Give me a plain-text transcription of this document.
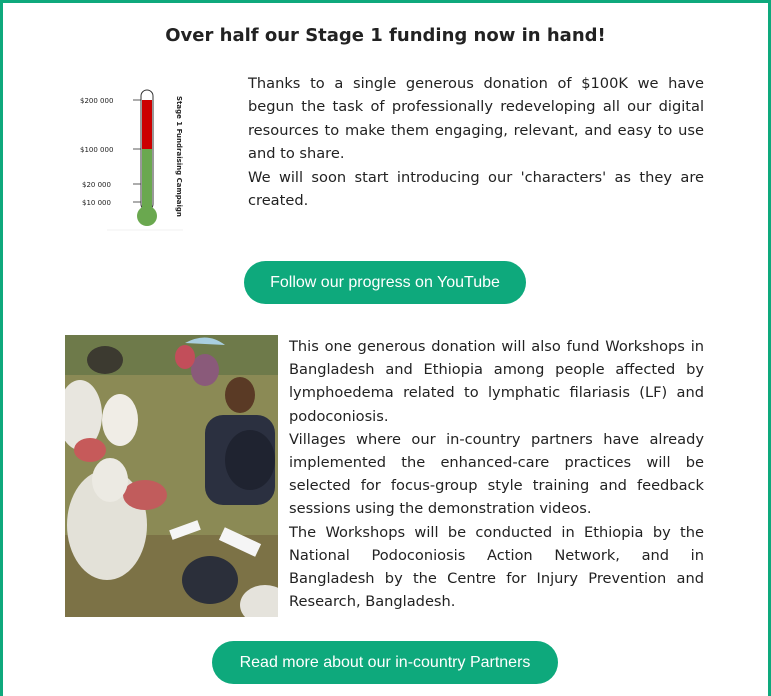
Over half our Stage 1 funding now in hand!
$200 000
$100 000
$20 000
$10 000	Stage 1 Fundraising Campaign
Thanks to a single generous donation of $100K we have begun the task of professionally redeveloping all our digital resources to make them engaging, relevant, and easy to use and to share.
We will soon start introducing our 'characters' as they are created.
Follow our progress on YouTube
This one generous donation will also fund Workshops in Bangladesh and Ethiopia among people affected by lymphoedema related to lymphatic filariasis (LF) and podoconiosis.
Villages where our in-country partners have already implemented the enhanced-care practices will be selected for focus-group style training and feedback sessions using the demonstration videos.
The Workshops will be conducted in Ethiopia by the National Podoconiosis Action Network, and in Bangladesh by the Centre for Injury Prevention and Research, Bangladesh.
Read more about our in-country Partners
